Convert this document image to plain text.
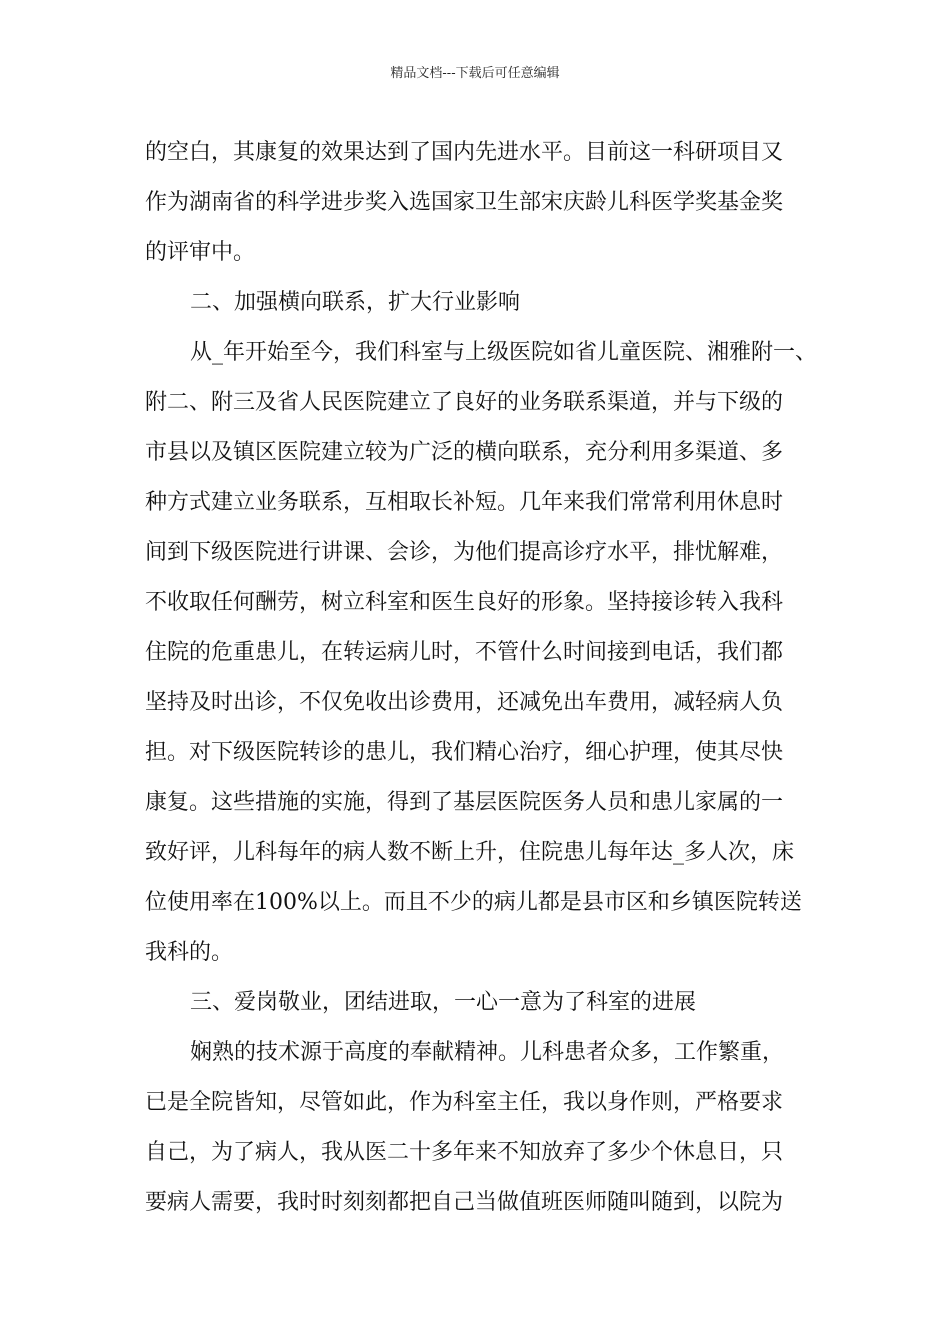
精品文档---下载后可任意编辑
的空白，其康复的效果达到了国内先进水平。目前这一科研项目又
作为湖南省的科学进步奖入选国家卫生部宋庆龄儿科医学奖基金奖
的评审中。
二、加强横向联系，扩大行业影响
从_年开始至今，我们科室与上级医院如省儿童医院、湘雅附一、
附二、附三及省人民医院建立了良好的业务联系渠道，并与下级的
市县以及镇区医院建立较为广泛的横向联系，充分利用多渠道、多
种方式建立业务联系，互相取长补短。几年来我们常常利用休息时
间到下级医院进行讲课、会诊，为他们提高诊疗水平，排忧解难，
不收取任何酬劳，树立科室和医生良好的形象。坚持接诊转入我科
住院的危重患儿，在转运病儿时，不管什么时间接到电话，我们都
坚持及时出诊，不仅免收出诊费用，还减免出车费用，减轻病人负
担。对下级医院转诊的患儿，我们精心治疗，细心护理，使其尽快
康复。这些措施的实施，得到了基层医院医务人员和患儿家属的一
致好评，儿科每年的病人数不断上升，住院患儿每年达_多人次，床
位使用率在100%以上。而且不少的病儿都是县市区和乡镇医院转送
我科的。
三、爱岗敬业，团结进取，一心一意为了科室的进展
娴熟的技术源于高度的奉献精神。儿科患者众多，工作繁重，
已是全院皆知，尽管如此，作为科室主任，我以身作则，严格要求
自己，为了病人，我从医二十多年来不知放弃了多少个休息日，只
要病人需要，我时时刻刻都把自己当做值班医师随叫随到，以院为
